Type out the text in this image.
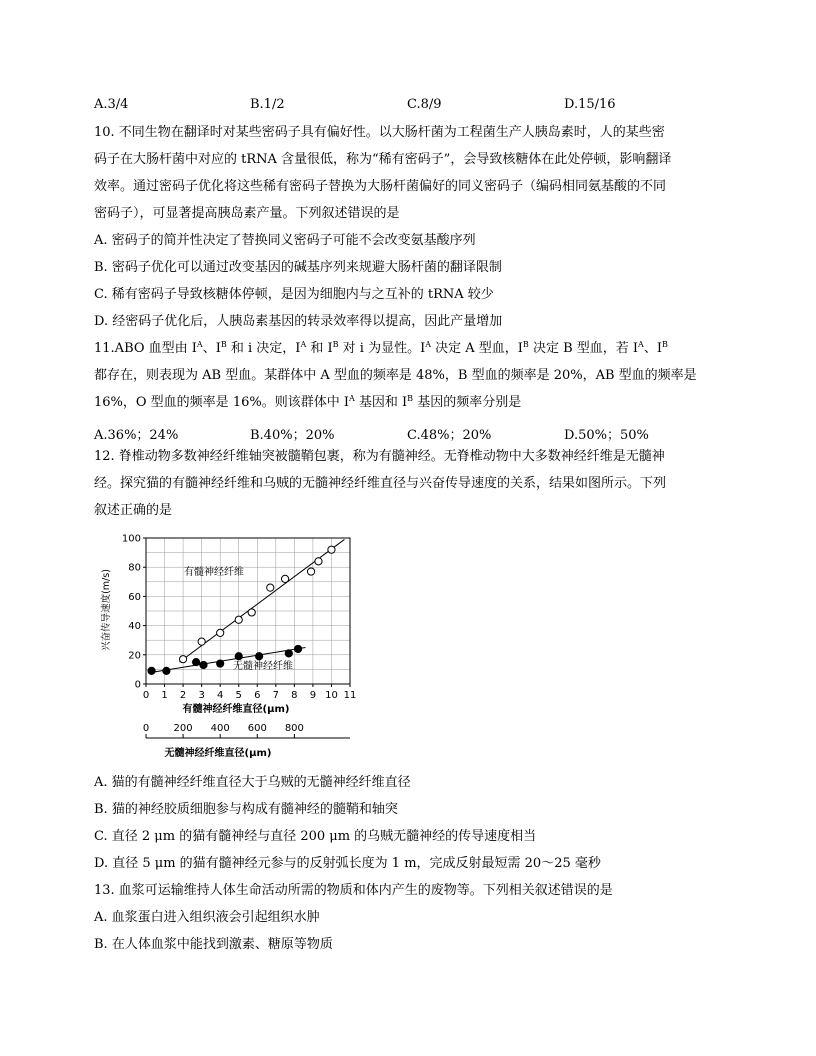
A.3/4	B.1/2	C.8/9	D.15/16
10. 不同生物在翻译时对某些密码子具有偏好性。以大肠杆菌为工程菌生产人胰岛素时，人的某些密
码子在大肠杆菌中对应的 tRNA 含量很低，称为“稀有密码子”，会导致核糖体在此处停顿，影响翻译
效率。通过密码子优化将这些稀有密码子替换为大肠杆菌偏好的同义密码子（编码相同氨基酸的不同
密码子），可显著提高胰岛素产量。下列叙述错误的是
A. 密码子的简并性决定了替换同义密码子可能不会改变氨基酸序列
B. 密码子优化可以通过改变基因的碱基序列来规避大肠杆菌的翻译限制
C. 稀有密码子导致核糖体停顿，是因为细胞内与之互补的 tRNA 较少
D. 经密码子优化后，人胰岛素基因的转录效率得以提高，因此产量增加
11.ABO 血型由 $I^A$、$I^B$ 和 i 决定，$I^A$ 和 $I^B$ 对 i 为显性。$I^A$ 决定 A 型血，$I^B$ 决定 B 型血，若 $I^A$、$I^B$
都存在，则表现为 AB 型血。某群体中 A 型血的频率是 48%，B 型血的频率是 20%，AB 型血的频率是
16%，O 型血的频率是 16%。则该群体中 $I^A$ 基因和 $I^B$ 基因的频率分别是
A.36%；24%	B.40%；20%	C.48%；20%	D.50%；50%
12. 脊椎动物多数神经纤维轴突被髓鞘包裹，称为有髓神经。无脊椎动物中大多数神经纤维是无髓神
经。探究猫的有髓神经纤维和乌贼的无髓神经纤维直径与兴奋传导速度的关系，结果如图所示。下列
叙述正确的是
0
20
40
60
80
100
0 1 2 3 4 5 6 7 8 9 10 11
0 200 400 600 800
兴奋传导速度(m/s)
有髓神经纤维直径(μm)
无髓神经纤维直径(μm)
有髓神经纤维
无髓神经纤维
A. 猫的有髓神经纤维直径大于乌贼的无髓神经纤维直径
B. 猫的神经胶质细胞参与构成有髓神经的髓鞘和轴突
C. 直径 2 μm 的猫有髓神经与直径 200 μm 的乌贼无髓神经的传导速度相当
D. 直径 5 μm 的猫有髓神经元参与的反射弧长度为 1 m，完成反射最短需 20～25 毫秒
13. 血浆可运输维持人体生命活动所需的物质和体内产生的废物等。下列相关叙述错误的是
A. 血浆蛋白进入组织液会引起组织水肿
B. 在人体血浆中能找到激素、糖原等物质
